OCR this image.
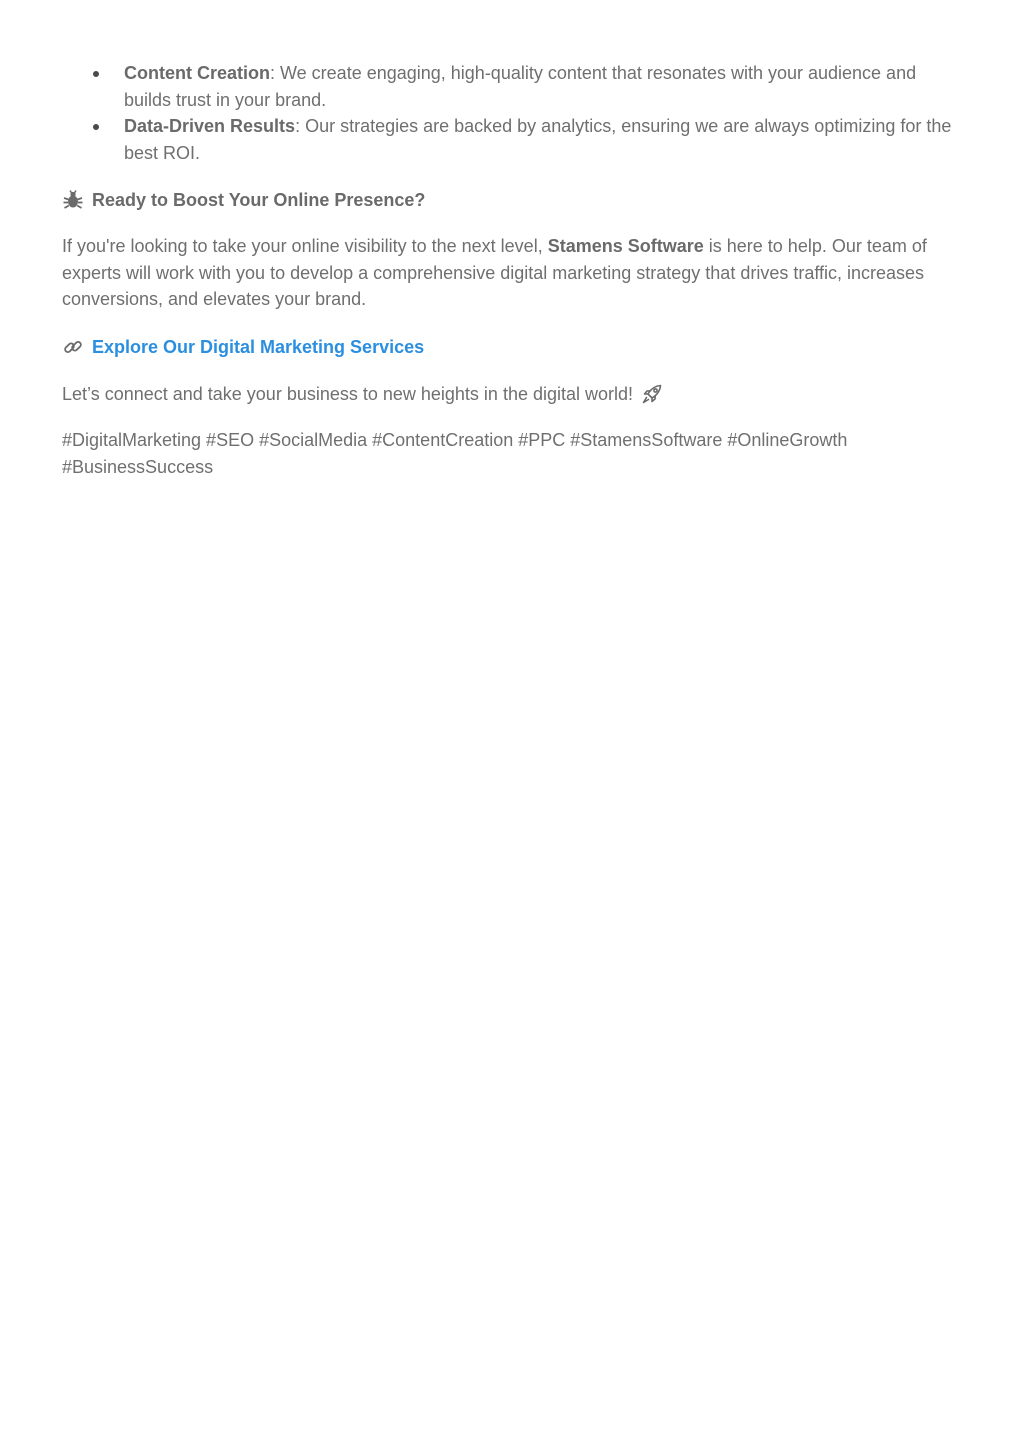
Content Creation: We create engaging, high-quality content that resonates with your audience and builds trust in your brand.
Data-Driven Results: Our strategies are backed by analytics, ensuring we are always optimizing for the best ROI.
Ready to Boost Your Online Presence?

If you're looking to take your online visibility to the next level, Stamens Software is here to help. Our team of experts will work with you to develop a comprehensive digital marketing strategy that drives traffic, increases conversions, and elevates your brand.

Explore Our Digital Marketing Services

Let’s connect and take your business to new heights in the digital world!

#DigitalMarketing #SEO #SocialMedia #ContentCreation #PPC #StamensSoftware #OnlineGrowth #BusinessSuccess
